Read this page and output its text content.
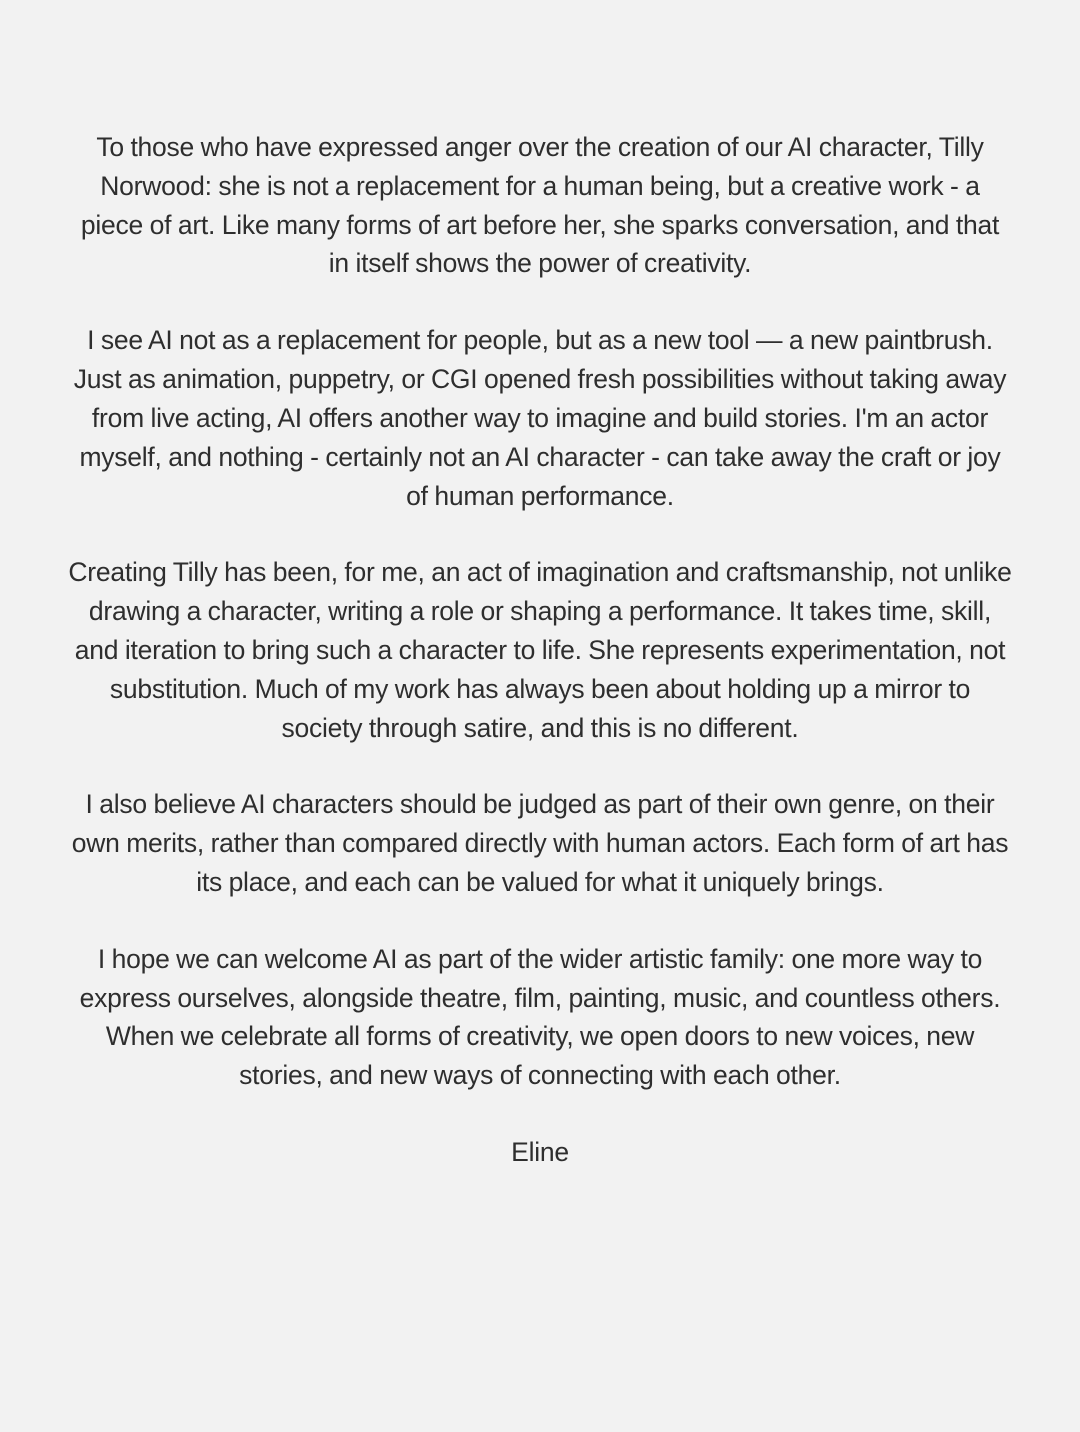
To those who have expressed anger over the creation of our AI character, Tilly Norwood: she is not a replacement for a human being, but a creative work - a piece of art. Like many forms of art before her, she sparks conversation, and that in itself shows the power of creativity.

I see AI not as a replacement for people, but as a new tool — a new paintbrush. Just as animation, puppetry, or CGI opened fresh possibilities without taking away from live acting, AI offers another way to imagine and build stories. I'm an actor myself, and nothing - certainly not an AI character - can take away the craft or joy of human performance.

Creating Tilly has been, for me, an act of imagination and craftsmanship, not unlike drawing a character, writing a role or shaping a performance. It takes time, skill, and iteration to bring such a character to life. She represents experimentation, not substitution. Much of my work has always been about holding up a mirror to society through satire, and this is no different.

I also believe AI characters should be judged as part of their own genre, on their own merits, rather than compared directly with human actors. Each form of art has its place, and each can be valued for what it uniquely brings.

I hope we can welcome AI as part of the wider artistic family: one more way to express ourselves, alongside theatre, film, painting, music, and countless others. When we celebrate all forms of creativity, we open doors to new voices, new stories, and new ways of connecting with each other.

Eline
